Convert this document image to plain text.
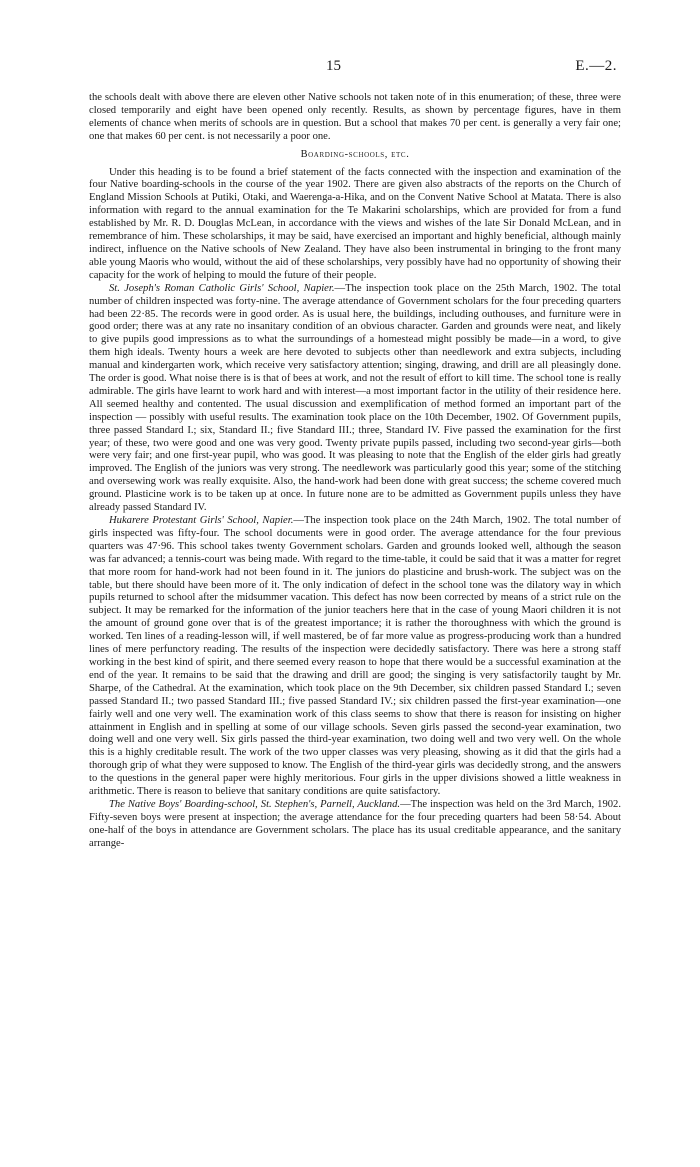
15	E.—2.

the schools dealt with above there are eleven other Native schools not taken note of in this enumeration; of these, three were closed temporarily and eight have been opened only recently. Results, as shown by percentage figures, have in them elements of chance when merits of schools are in question. But a school that makes 70 per cent. is generally a very fair one; one that makes 60 per cent. is not necessarily a poor one.

Boarding-schools, etc.

Under this heading is to be found a brief statement of the facts connected with the inspection and examination of the four Native boarding-schools in the course of the year 1902. There are given also abstracts of the reports on the Church of England Mission Schools at Putiki, Otaki, and Waerenga-a-Hika, and on the Convent Native School at Matata. There is also information with regard to the annual examination for the Te Makarini scholarships, which are provided for from a fund established by Mr. R. D. Douglas McLean, in accordance with the views and wishes of the late Sir Donald McLean, and in remembrance of him. These scholarships, it may be said, have exercised an important and highly beneficial, although mainly indirect, influence on the Native schools of New Zealand. They have also been instrumental in bringing to the front many able young Maoris who would, without the aid of these scholarships, very possibly have had no opportunity of showing their capacity for the work of helping to mould the future of their people.

St. Joseph's Roman Catholic Girls' School, Napier.—The inspection took place on the 25th March, 1902. The total number of children inspected was forty-nine. The average attendance of Government scholars for the four preceding quarters had been 22·85. The records were in good order. As is usual here, the buildings, including outhouses, and furniture were in good order; there was at any rate no insanitary condition of an obvious character. Garden and grounds were neat, and likely to give pupils good impressions as to what the surroundings of a homestead might possibly be made—in a word, to give them high ideals. Twenty hours a week are here devoted to subjects other than needlework and extra subjects, including manual and kindergarten work, which receive very satisfactory attention; singing, drawing, and drill are all pleasingly done. The order is good. What noise there is is that of bees at work, and not the result of effort to kill time. The school tone is really admirable. The girls have learnt to work hard and with interest—a most important factor in the utility of their residence here. All seemed healthy and contented. The usual discussion and exemplification of method formed an important part of the inspection — possibly with useful results. The examination took place on the 10th December, 1902. Of Government pupils, three passed Standard I.; six, Standard II.; five Standard III.; three, Standard IV. Five passed the examination for the first year; of these, two were good and one was very good. Twenty private pupils passed, including two second-year girls—both were very fair; and one first-year pupil, who was good. It was pleasing to note that the English of the elder girls had greatly improved. The English of the juniors was very strong. The needlework was particularly good this year; some of the stitching and oversewing work was really exquisite. Also, the hand-work had been done with great success; the scheme covered much ground. Plasticine work is to be taken up at once. In future none are to be admitted as Government pupils unless they have already passed Standard IV.

Hukarere Protestant Girls' School, Napier.—The inspection took place on the 24th March, 1902. The total number of girls inspected was fifty-four. The school documents were in good order. The average attendance for the four previous quarters was 47·96. This school takes twenty Government scholars. Garden and grounds looked well, although the season was far advanced; a tennis-court was being made. With regard to the time-table, it could be said that it was a matter for regret that more room for hand-work had not been found in it. The juniors do plasticine and brush-work. The subject was on the table, but there should have been more of it. The only indication of defect in the school tone was the dilatory way in which pupils returned to school after the midsummer vacation. This defect has now been corrected by means of a strict rule on the subject. It may be remarked for the information of the junior teachers here that in the case of young Maori children it is not the amount of ground gone over that is of the greatest importance; it is rather the thoroughness with which the ground is worked. Ten lines of a reading-lesson will, if well mastered, be of far more value as progress-producing work than a hundred lines of mere perfunctory reading. The results of the inspection were decidedly satisfactory. There was here a strong staff working in the best kind of spirit, and there seemed every reason to hope that there would be a successful examination at the end of the year. It remains to be said that the drawing and drill are good; the singing is very satisfactorily taught by Mr. Sharpe, of the Cathedral. At the examination, which took place on the 9th December, six children passed Standard I.; seven passed Standard II.; two passed Standard III.; five passed Standard IV.; six children passed the first-year examination—one fairly well and one very well. The examination work of this class seems to show that there is reason for insisting on higher attainment in English and in spelling at some of our village schools. Seven girls passed the second-year examination, two doing well and one very well. Six girls passed the third-year examination, two doing well and two very well. On the whole this is a highly creditable result. The work of the two upper classes was very pleasing, showing as it did that the girls had a thorough grip of what they were supposed to know. The English of the third-year girls was decidedly strong, and the answers to the questions in the general paper were highly meritorious. Four girls in the upper divisions showed a little weakness in arithmetic. There is reason to believe that sanitary conditions are quite satisfactory.

The Native Boys' Boarding-school, St. Stephen's, Parnell, Auckland.—The inspection was held on the 3rd March, 1902. Fifty-seven boys were present at inspection; the average attendance for the four preceding quarters had been 58·54. About one-half of the boys in attendance are Government scholars. The place has its usual creditable appearance, and the sanitary arrange-
